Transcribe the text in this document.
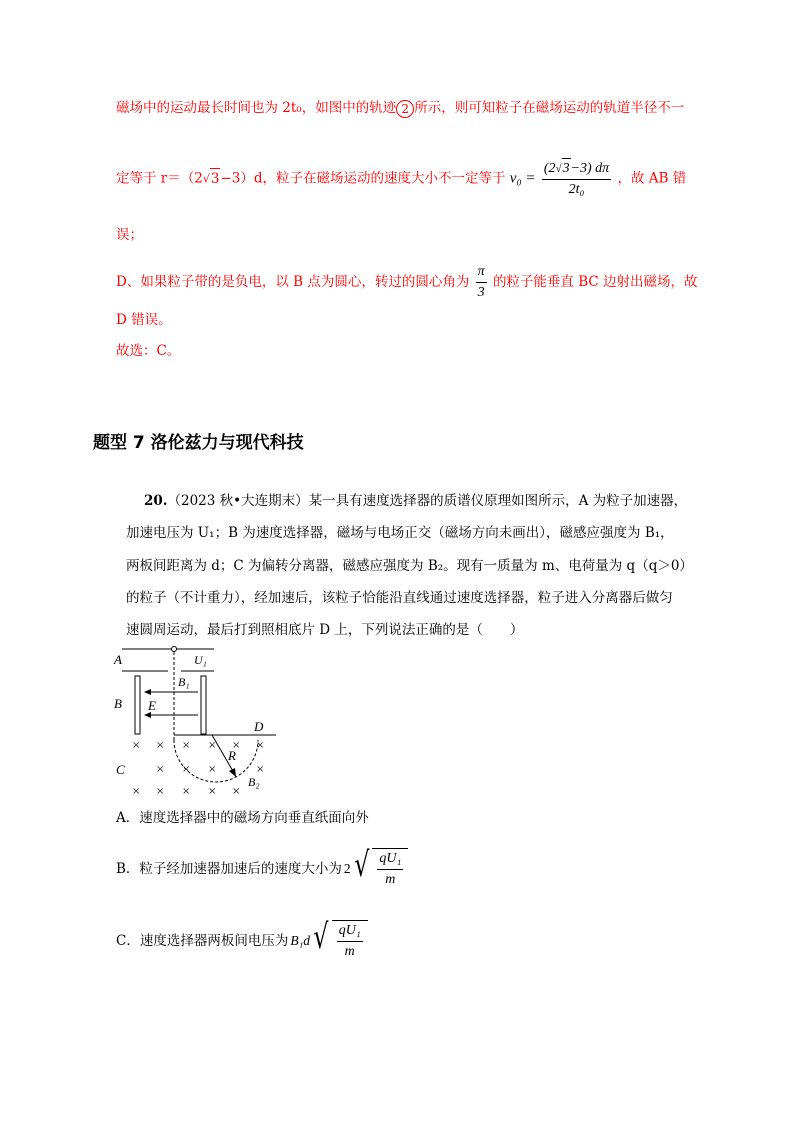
磁场中的运动最长时间也为 2t₀，如图中的轨迹 2 所示，则可知粒子在磁场运动的轨道半径不一
定等于 r＝（2√3−3）d，粒子在磁场运动的速度大小不一定等于 $v_0 = \frac{(2√3-3) d\pi}{\text{2t₀}}$ ，故 AB 错
误；
D、如果粒子带的是负电，以 B 点为圆心，转过的圆心角为 $\frac{\pi}{3}$ 的粒子能垂直 BC 边射出磁场，故
D 错误。
故选：C。
题型 7 洛伦兹力与现代科技
20.（2023 秋•大连期末）某一具有速度选择器的质谱仪原理如图所示，A 为粒子加速器，
加速电压为 U₁；B 为速度选择器，磁场与电场正交（磁场方向未画出），磁感应强度为 B₁，
两板间距离为 d；C 为偏转分离器，磁感应强度为 B₂。现有一质量为 m、电荷量为 q（q＞0）
的粒子（不计重力），经加速后，该粒子恰能沿直线通过速度选择器，粒子进入分离器后做匀
速圆周运动，最后打到照相底片 D 上，下列说法正确的是（　　）
A	U₁
B₁
B E
D
C
R
B₂
× × × × × ×
× × ×	×
× × × × ×
A．速度选择器中的磁场方向垂直纸面向外
B．粒子经加速器加速后的速度大小为 2 √ $\frac{\text{qU₁}}{m}$
C．速度选择器两板间电压为 B₁d √ $\frac{\text{qU₁}}{m}$
